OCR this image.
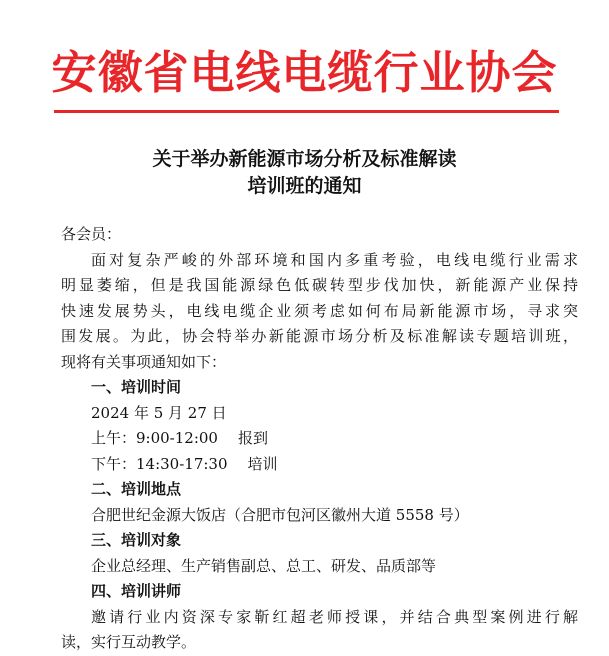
安徽省电线电缆行业协会
关于举办新能源市场分析及标准解读
培训班的通知
各会员：
面对复杂严峻的外部环境和国内多重考验，电线电缆行业需求
明显萎缩，但是我国能源绿色低碳转型步伐加快，新能源产业保持
快速发展势头，电线电缆企业须考虑如何布局新能源市场，寻求突
围发展。为此，协会特举办新能源市场分析及标准解读专题培训班，
现将有关事项通知如下：
一、培训时间
2024 年 5 月 27 日
上午：9:00-12:00 报到
下午：14:30-17:30 培训
二、培训地点
合肥世纪金源大饭店（合肥市包河区徽州大道 5558 号）
三、培训对象
企业总经理、生产销售副总、总工、研发、品质部等
四、培训讲师
邀请行业内资深专家靳红超老师授课，并结合典型案例进行解
读，实行互动教学。
